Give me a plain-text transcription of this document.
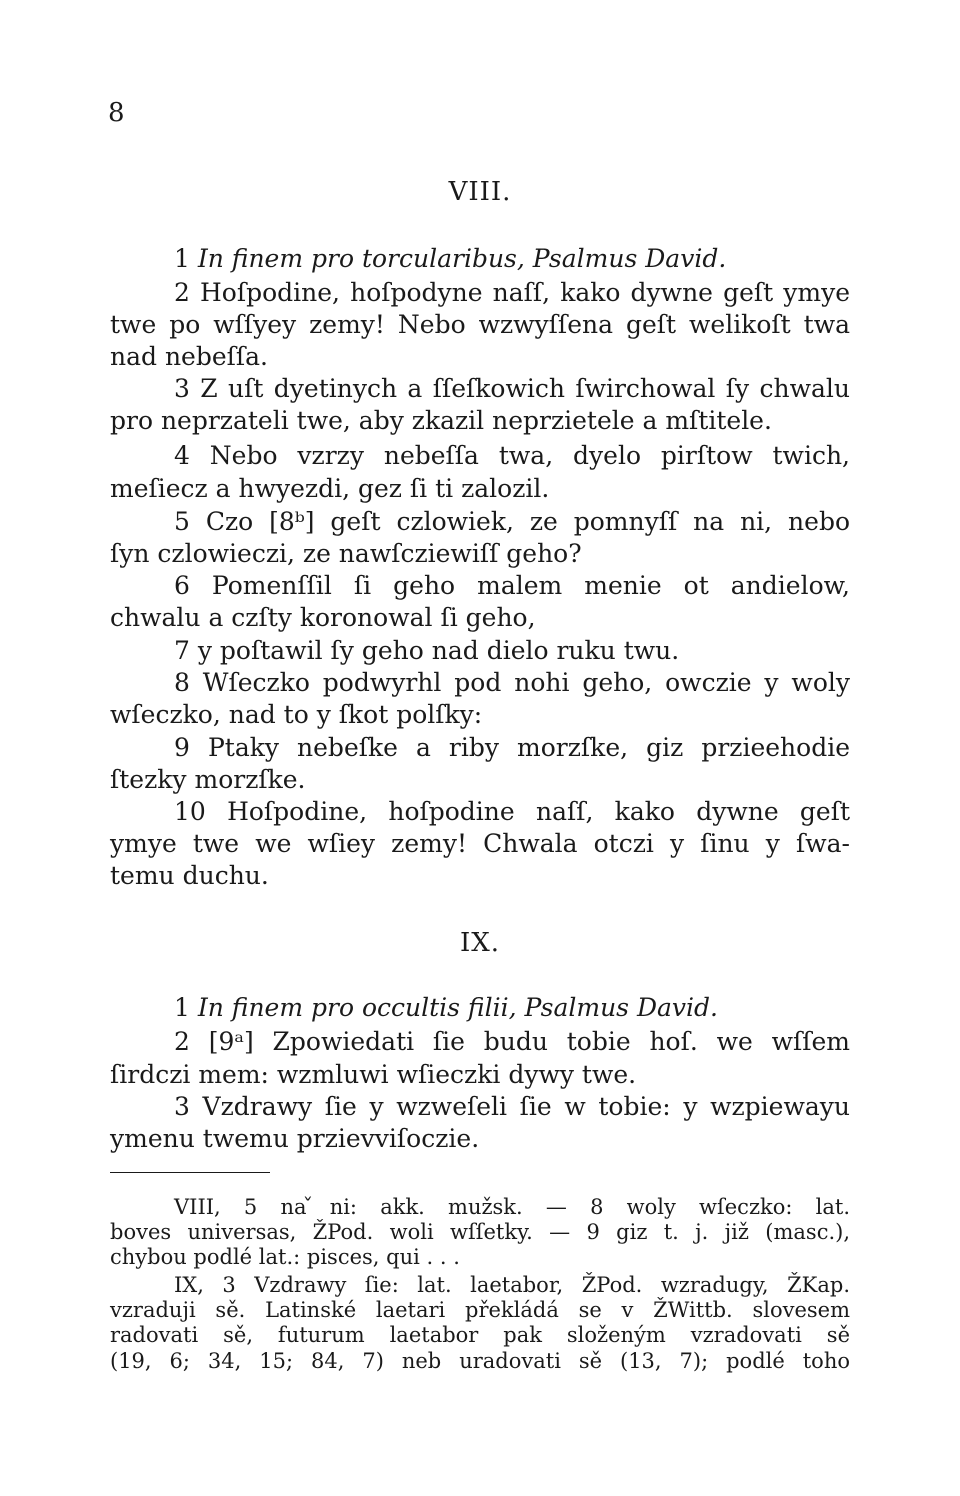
8
VIII.
1 In finem pro torcularibus, Psalmus David.
2 Hoſpodine, hoſpodyne naſſ, kako dywne geſt ymye
twe po wſſyey zemy! Nebo wzwyſſena geſt welikoſt twa
nad nebeſſa.
3 Z uſt dyetinych a ſſeſkowich ſwirchowal ſy chwalu
pro neprzateli twe, aby zkazil neprzietele a mſtitele.
4 Nebo vzrzy nebeſſa twa, dyelo pirſtow twich,
meſiecz a hwyezdi, gez ſi ti zalozil.
5 Czo [8ᵇ] geſt czlowiek, ze pomnyſſ na ni, nebo
ſyn czlowieczi, ze nawſcziewiſſ geho?
6 Pomenſſil ſi geho malem menie ot andielow,
chwalu a czſty koronowal ſi geho,
7 y poſtawil ſy geho nad dielo ruku twu.
8 Wſeczko podwyrhl pod nohi geho, owczie y woly
wſeczko, nad to y ſkot polſky:
9 Ptaky nebeſke a riby morzſke, giz przieehodie
ſtezky morzſke.
10 Hoſpodine, hoſpodine naſſ, kako dywne geſt
ymye twe we wſiey zemy! Chwala otczi y ſinu y ſwa-
temu duchu.
IX.
1 In finem pro occultis filii, Psalmus David.
2 [9ᵃ] Zpowiedati ſie budu tobie hoſ. we wſſem
ſirdczi mem: wzmluwi wſieczki dywy twe.
3 Vzdrawy ſie y wzweſeli ſie w tobie: y wzpiewayu
ymenu twemu przievviſoczie.
VIII, 5 na ̌ni: akk. mužsk. — 8 woly wſeczko: lat.
boves universas, ŽPod. woli wſſetky. — 9 giz t. j. již (masc.),
chybou podlé lat.: pisces, qui . . .
IX, 3 Vzdrawy ſie: lat. laetabor, ŽPod. wzradugy, ŽKap.
vzraduji sě. Latinské laetari překládá se v ŽWittb. slovesem
radovati sě, futurum laetabor pak složeným vzradovati sě
(19, 6; 34, 15; 84, 7) neb uradovati sě (13, 7); podlé toho
